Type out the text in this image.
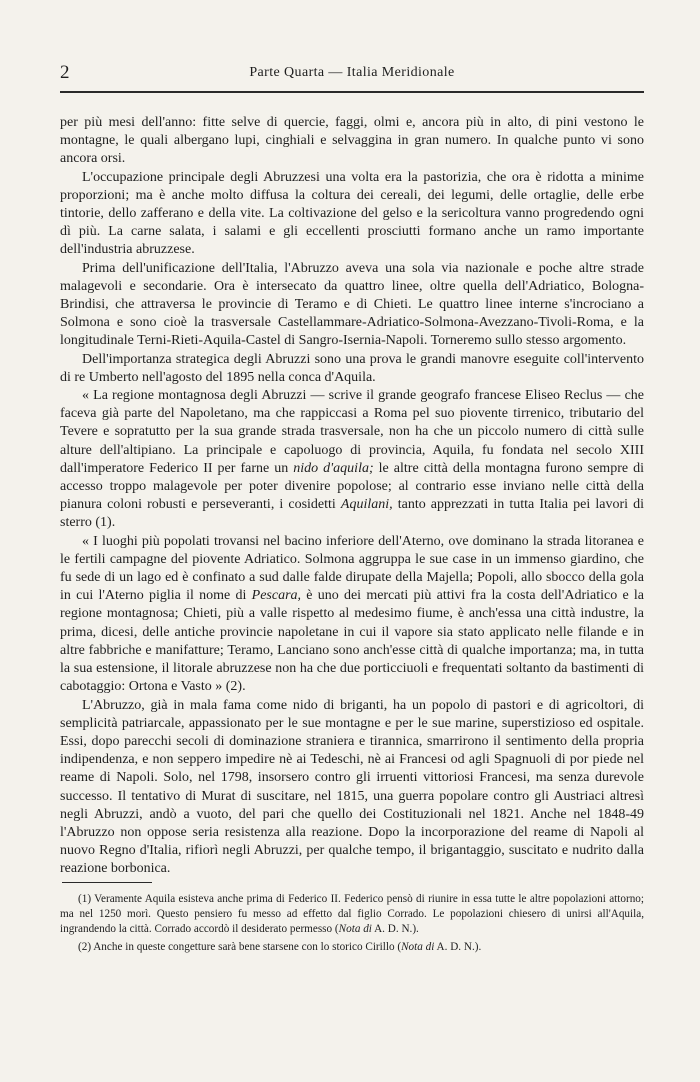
2	Parte Quarta — Italia Meridionale

per più mesi dell'anno: fitte selve di quercie, faggi, olmi e, ancora più in alto, di pini vestono le montagne, le quali albergano lupi, cinghiali e selvaggina in gran numero. In qualche punto vi sono ancora orsi.

L'occupazione principale degli Abruzzesi una volta era la pastorizia, che ora è ridotta a minime proporzioni; ma è anche molto diffusa la coltura dei cereali, dei legumi, delle ortaglie, delle erbe tintorie, dello zafferano e della vite. La coltivazione del gelso e la sericoltura vanno progredendo ogni dì più. La carne salata, i salami e gli eccellenti prosciutti formano anche un ramo importante dell'industria abruzzese.

Prima dell'unificazione dell'Italia, l'Abruzzo aveva una sola via nazionale e poche altre strade malagevoli e secondarie. Ora è intersecato da quattro linee, oltre quella dell'Adriatico, Bologna-Brindisi, che attraversa le provincie di Teramo e di Chieti. Le quattro linee interne s'incrociano a Solmona e sono cioè la trasversale Castellammare-Adriatico-Solmona-Avezzano-Tivoli-Roma, e la longitudinale Terni-Rieti-Aquila-Castel di Sangro-Isernia-Napoli. Torneremo sullo stesso argomento.

Dell'importanza strategica degli Abruzzi sono una prova le grandi manovre eseguite coll'intervento di re Umberto nell'agosto del 1895 nella conca d'Aquila.

« La regione montagnosa degli Abruzzi — scrive il grande geografo francese Eliseo Reclus — che faceva già parte del Napoletano, ma che rappiccasi a Roma pel suo piovente tirrenico, tributario del Tevere e sopratutto per la sua grande strada trasversale, non ha che un piccolo numero di città sulle alture dell'altipiano. La principale e capoluogo di provincia, Aquila, fu fondata nel secolo XIII dall'imperatore Federico II per farne un nido d'aquila; le altre città della montagna furono sempre di accesso troppo malagevole per poter divenire popolose; al contrario esse inviano nelle città della pianura coloni robusti e perseveranti, i cosidetti Aquilani, tanto apprezzati in tutta Italia pei lavori di sterro (1).

« I luoghi più popolati trovansi nel bacino inferiore dell'Aterno, ove dominano la strada litoranea e le fertili campagne del piovente Adriatico. Solmona aggruppa le sue case in un immenso giardino, che fu sede di un lago ed è confinato a sud dalle falde dirupate della Majella; Popoli, allo sbocco della gola in cui l'Aterno piglia il nome di Pescara, è uno dei mercati più attivi fra la costa dell'Adriatico e la regione montagnosa; Chieti, più a valle rispetto al medesimo fiume, è anch'essa una città industre, la prima, dicesi, delle antiche provincie napoletane in cui il vapore sia stato applicato nelle filande e in altre fabbriche e manifatture; Teramo, Lanciano sono anch'esse città di qualche importanza; ma, in tutta la sua estensione, il litorale abruzzese non ha che due porticciuoli e frequentati soltanto da bastimenti di cabotaggio: Ortona e Vasto » (2).

L'Abruzzo, già in mala fama come nido di briganti, ha un popolo di pastori e di agricoltori, di semplicità patriarcale, appassionato per le sue montagne e per le sue marine, superstizioso ed ospitale. Essi, dopo parecchi secoli di dominazione straniera e tirannica, smarrirono il sentimento della propria indipendenza, e non seppero impedire nè ai Tedeschi, nè ai Francesi od agli Spagnuoli di por piede nel reame di Napoli. Solo, nel 1798, insorsero contro gli irruenti vittoriosi Francesi, ma senza durevole successo. Il tentativo di Murat di suscitare, nel 1815, una guerra popolare contro gli Austriaci altresì negli Abruzzi, andò a vuoto, del pari che quello dei Costituzionali nel 1821. Anche nel 1848-49 l'Abruzzo non oppose seria resistenza alla reazione. Dopo la incorporazione del reame di Napoli al nuovo Regno d'Italia, rifiorì negli Abruzzi, per qualche tempo, il brigantaggio, suscitato e nudrito dalla reazione borbonica.

(1) Veramente Aquila esisteva anche prima di Federico II. Federico pensò di riunire in essa tutte le altre popolazioni attorno; ma nel 1250 morì. Questo pensiero fu messo ad effetto dal figlio Corrado. Le popolazioni chiesero di unirsi all'Aquila, ingrandendo la città. Corrado accordò il desiderato permesso (Nota di A. D. N.).

(2) Anche in queste congetture sarà bene starsene con lo storico Cirillo (Nota di A. D. N.).
